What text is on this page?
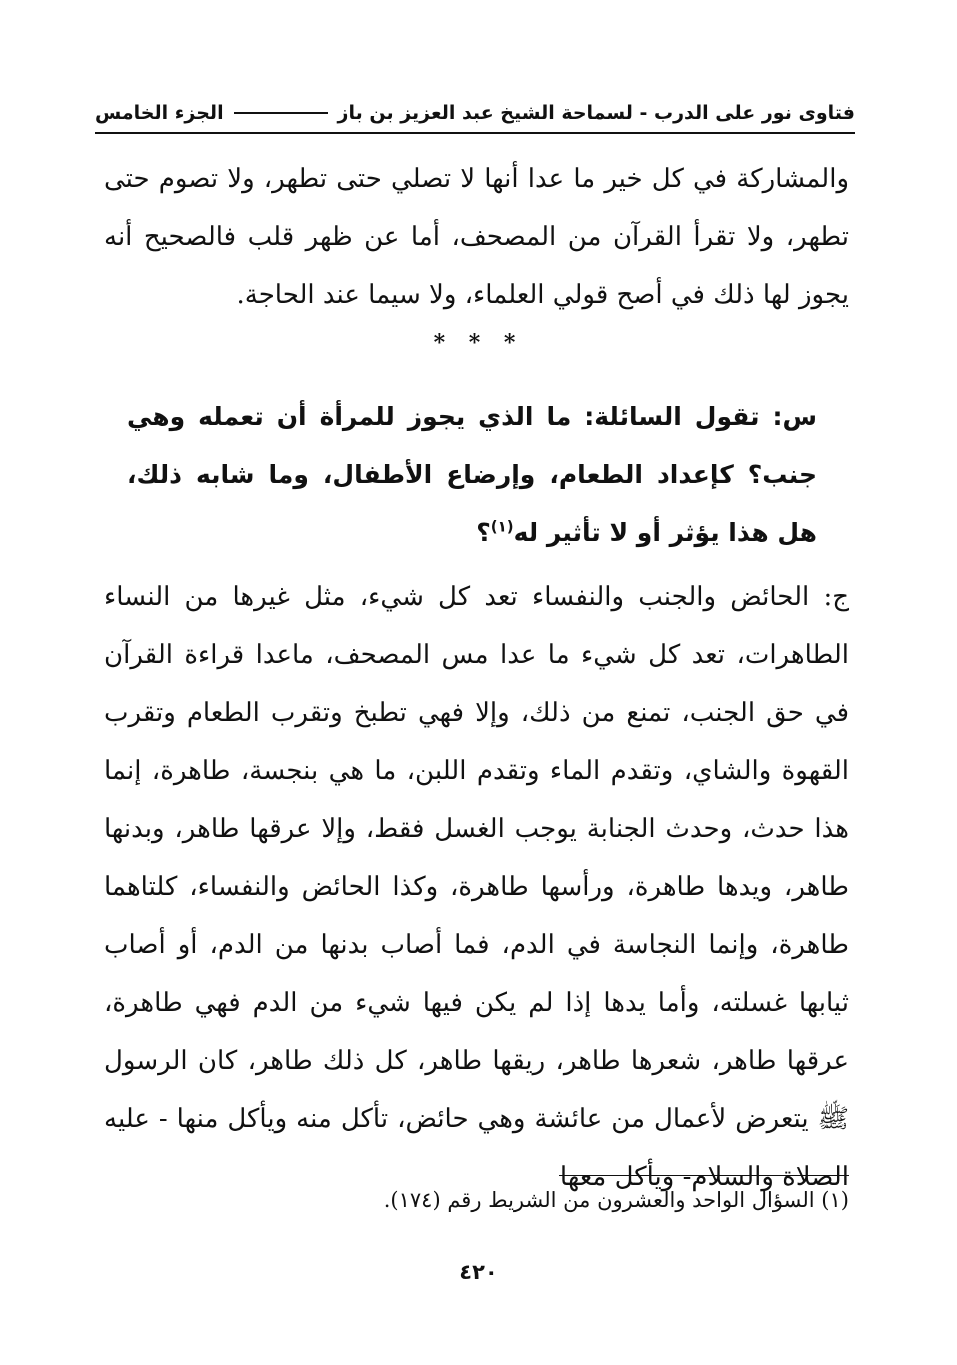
فتاوى نور على الدرب - لسماحة الشيخ عبد العزيز بن باز
الجزء الخامس

والمشاركة في كل خير ما عدا أنها لا تصلي حتى تطهر، ولا تصوم حتى تطهر، ولا تقرأ القرآن من المصحف، أما عن ظهر قلب فالصحيح أنه يجوز لها ذلك في أصح قولي العلماء، ولا سيما عند الحاجة.

* * *

س: تقول السائلة: ما الذي يجوز للمرأة أن تعمله وهي جنب؟ كإعداد الطعام، وإرضاع الأطفال، وما شابه ذلك، هل هذا يؤثر أو لا تأثير له$^{(١)}$؟

ج: الحائض والجنب والنفساء تعد كل شيء، مثل غيرها من النساء الطاهرات، تعد كل شيء ما عدا مس المصحف، ماعدا قراءة القرآن في حق الجنب، تمنع من ذلك، وإلا فهي تطبخ وتقرب الطعام وتقرب القهوة والشاي، وتقدم الماء وتقدم اللبن، ما هي بنجسة، طاهرة، إنما هذا حدث، وحدث الجنابة يوجب الغسل فقط، وإلا عرقها طاهر، وبدنها طاهر، ويدها طاهرة، ورأسها طاهرة، وكذا الحائض والنفساء، كلتاهما طاهرة، وإنما النجاسة في الدم، فما أصاب بدنها من الدم، أو أصاب ثيابها غسلته، وأما يدها إذا لم يكن فيها شيء من الدم فهي طاهرة، عرقها طاهر، شعرها طاهر، ريقها طاهر، كل ذلك طاهر، كان الرسول ﷺ يتعرض لأعمال من عائشة وهي حائض، تأكل منه ويأكل منها - عليه الصلاة والسلام- ويأكل معها

(١) السؤال الواحد والعشرون من الشريط رقم (١٧٤).

٤٢٠
